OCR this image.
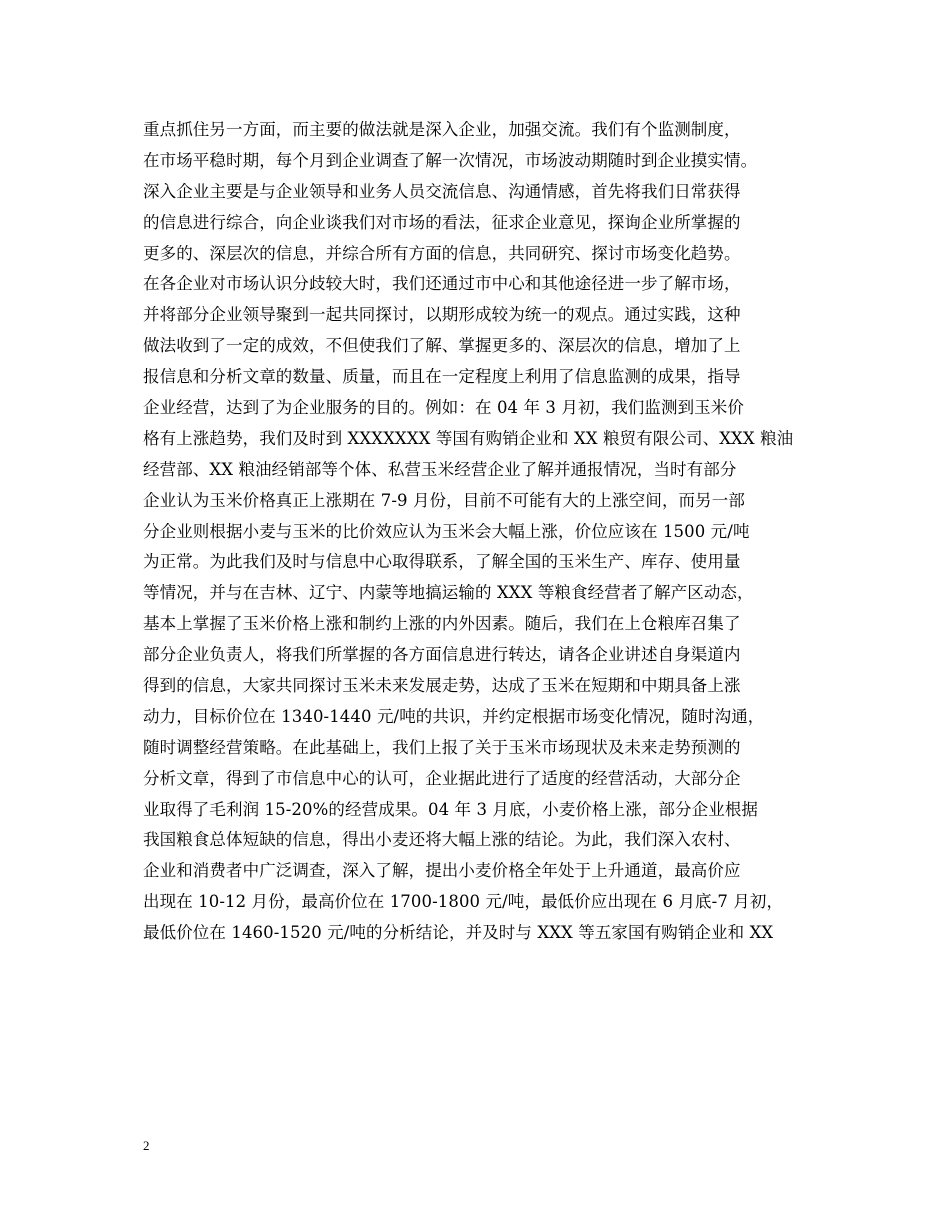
重点抓住另一方面，而主要的做法就是深入企业，加强交流。我们有个监测制度，
在市场平稳时期，每个月到企业调查了解一次情况，市场波动期随时到企业摸实情。
深入企业主要是与企业领导和业务人员交流信息、沟通情感，首先将我们日常获得
的信息进行综合，向企业谈我们对市场的看法，征求企业意见，探询企业所掌握的
更多的、深层次的信息，并综合所有方面的信息，共同研究、探讨市场变化趋势。
在各企业对市场认识分歧较大时，我们还通过市中心和其他途径进一步了解市场，
并将部分企业领导聚到一起共同探讨，以期形成较为统一的观点。通过实践，这种
做法收到了一定的成效，不但使我们了解、掌握更多的、深层次的信息，增加了上
报信息和分析文章的数量、质量，而且在一定程度上利用了信息监测的成果，指导
企业经营，达到了为企业服务的目的。例如：在 04 年 3 月初，我们监测到玉米价
格有上涨趋势，我们及时到 XXXXXXX 等国有购销企业和 XX 粮贸有限公司、XXX 粮油
经营部、XX 粮油经销部等个体、私营玉米经营企业了解并通报情况，当时有部分
企业认为玉米价格真正上涨期在 7-9 月份，目前不可能有大的上涨空间，而另一部
分企业则根据小麦与玉米的比价效应认为玉米会大幅上涨，价位应该在 1500 元/吨
为正常。为此我们及时与信息中心取得联系，了解全国的玉米生产、库存、使用量
等情况，并与在吉林、辽宁、内蒙等地搞运输的 XXX 等粮食经营者了解产区动态，
基本上掌握了玉米价格上涨和制约上涨的内外因素。随后，我们在上仓粮库召集了
部分企业负责人，将我们所掌握的各方面信息进行转达，请各企业讲述自身渠道内
得到的信息，大家共同探讨玉米未来发展走势，达成了玉米在短期和中期具备上涨
动力，目标价位在 1340-1440 元/吨的共识，并约定根据市场变化情况，随时沟通，
随时调整经营策略。在此基础上，我们上报了关于玉米市场现状及未来走势预测的
分析文章，得到了市信息中心的认可，企业据此进行了适度的经营活动，大部分企
业取得了毛利润 15-20%的经营成果。04 年 3 月底，小麦价格上涨，部分企业根据
我国粮食总体短缺的信息，得出小麦还将大幅上涨的结论。为此，我们深入农村、
企业和消费者中广泛调查，深入了解，提出小麦价格全年处于上升通道，最高价应
出现在 10-12 月份，最高价位在 1700-1800 元/吨，最低价应出现在 6 月底-7 月初，
最低价位在 1460-1520 元/吨的分析结论，并及时与 XXX 等五家国有购销企业和 XX
2
